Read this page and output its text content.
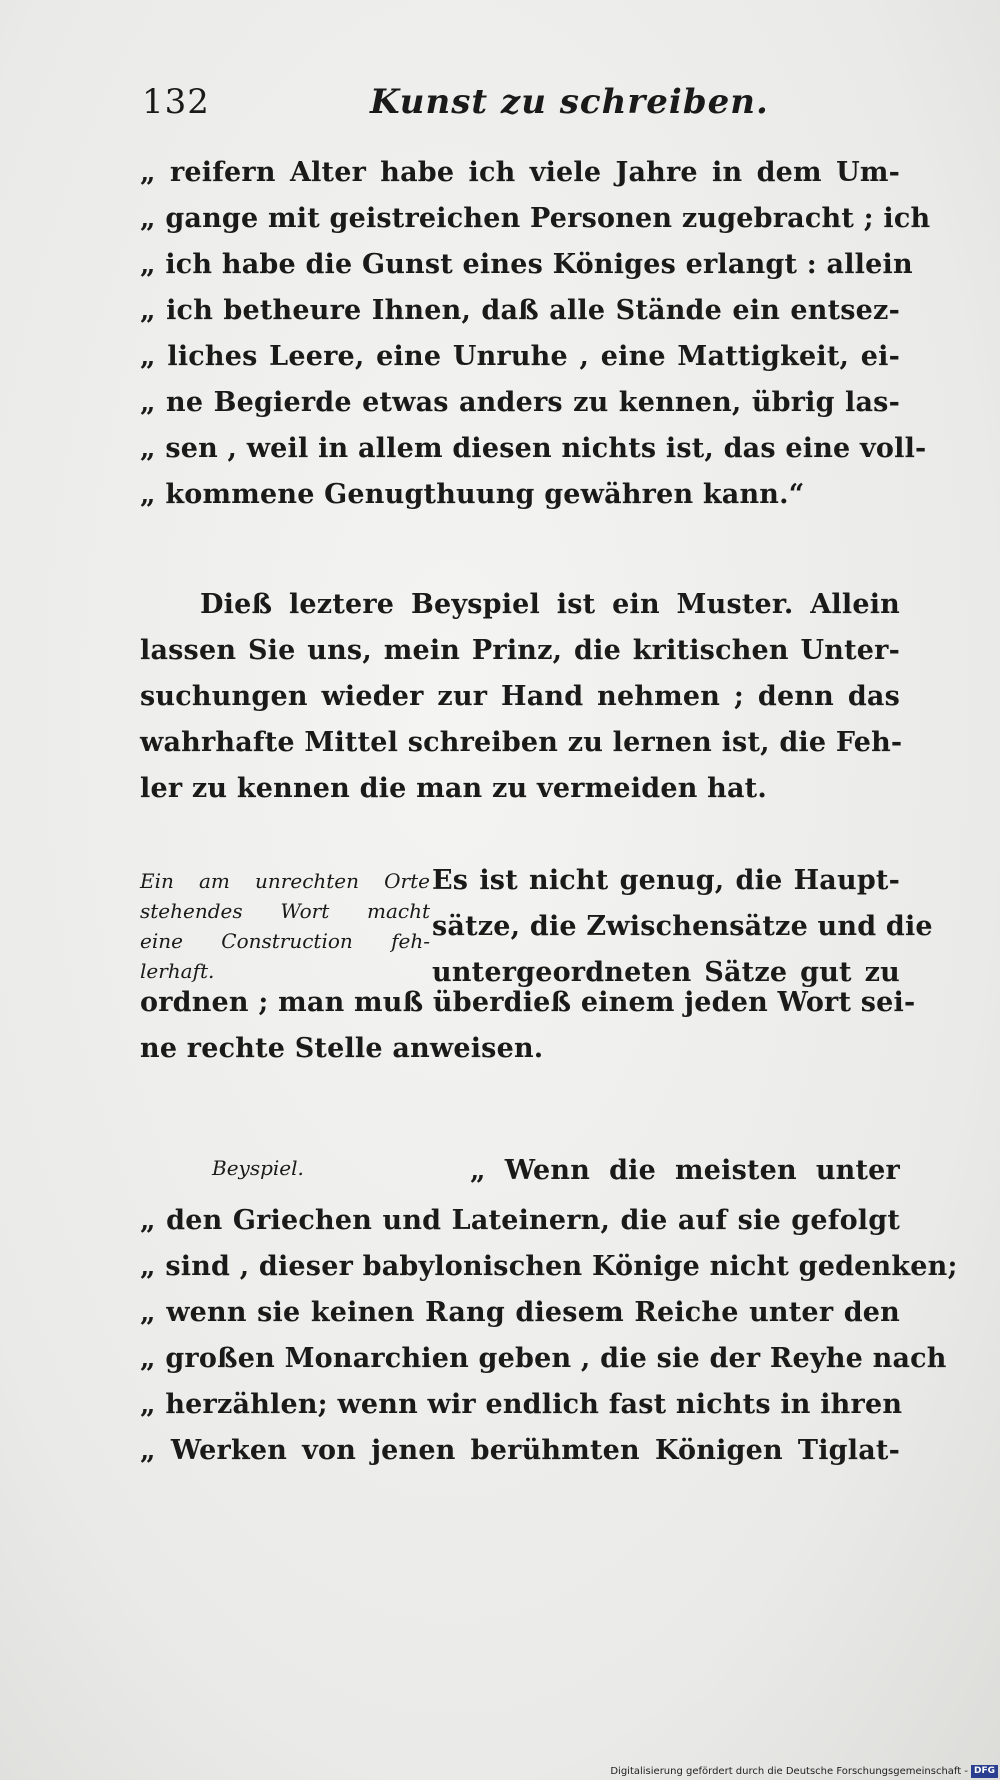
132	Kunst zu schreiben.
„ reifern Alter habe ich viele Jahre in dem Um-
„ gange mit geistreichen Personen zugebracht ; ich
„ ich habe die Gunst eines Königes erlangt : allein
„ ich betheure Ihnen, daß alle Stände ein entsez-
„ liches Leere, eine Unruhe , eine Mattigkeit, ei-
„ ne Begierde etwas anders zu kennen, übrig las-
„ sen , weil in allem diesen nichts ist, das eine voll-
„ kommene Genugthuung gewähren kann.“
Dieß leztere Beyspiel ist ein Muster. Allein
lassen Sie uns, mein Prinz, die kritischen Unter-
suchungen wieder zur Hand nehmen ; denn das
wahrhafte Mittel schreiben zu lernen ist, die Feh-
ler zu kennen die man zu vermeiden hat.
Ein am unrechten Orte
stehendes Wort macht
eine Construction feh-
lerhaft.
Es ist nicht genug, die Haupt-
sätze, die Zwischensätze und die
untergeordneten Sätze gut zu
ordnen ; man muß überdieß einem jeden Wort sei-
ne rechte Stelle anweisen.
Beyspiel.	„ Wenn die meisten unter
„ den Griechen und Lateinern, die auf sie gefolgt
„ sind , dieser babylonischen Könige nicht gedenken;
„ wenn sie keinen Rang diesem Reiche unter den
„ großen Monarchien geben , die sie der Reyhe nach
„ herzählen; wenn wir endlich fast nichts in ihren
„ Werken von jenen berühmten Königen Tiglat-
Digitalisierung gefördert durch die Deutsche Forschungsgemeinschaft - DFG
